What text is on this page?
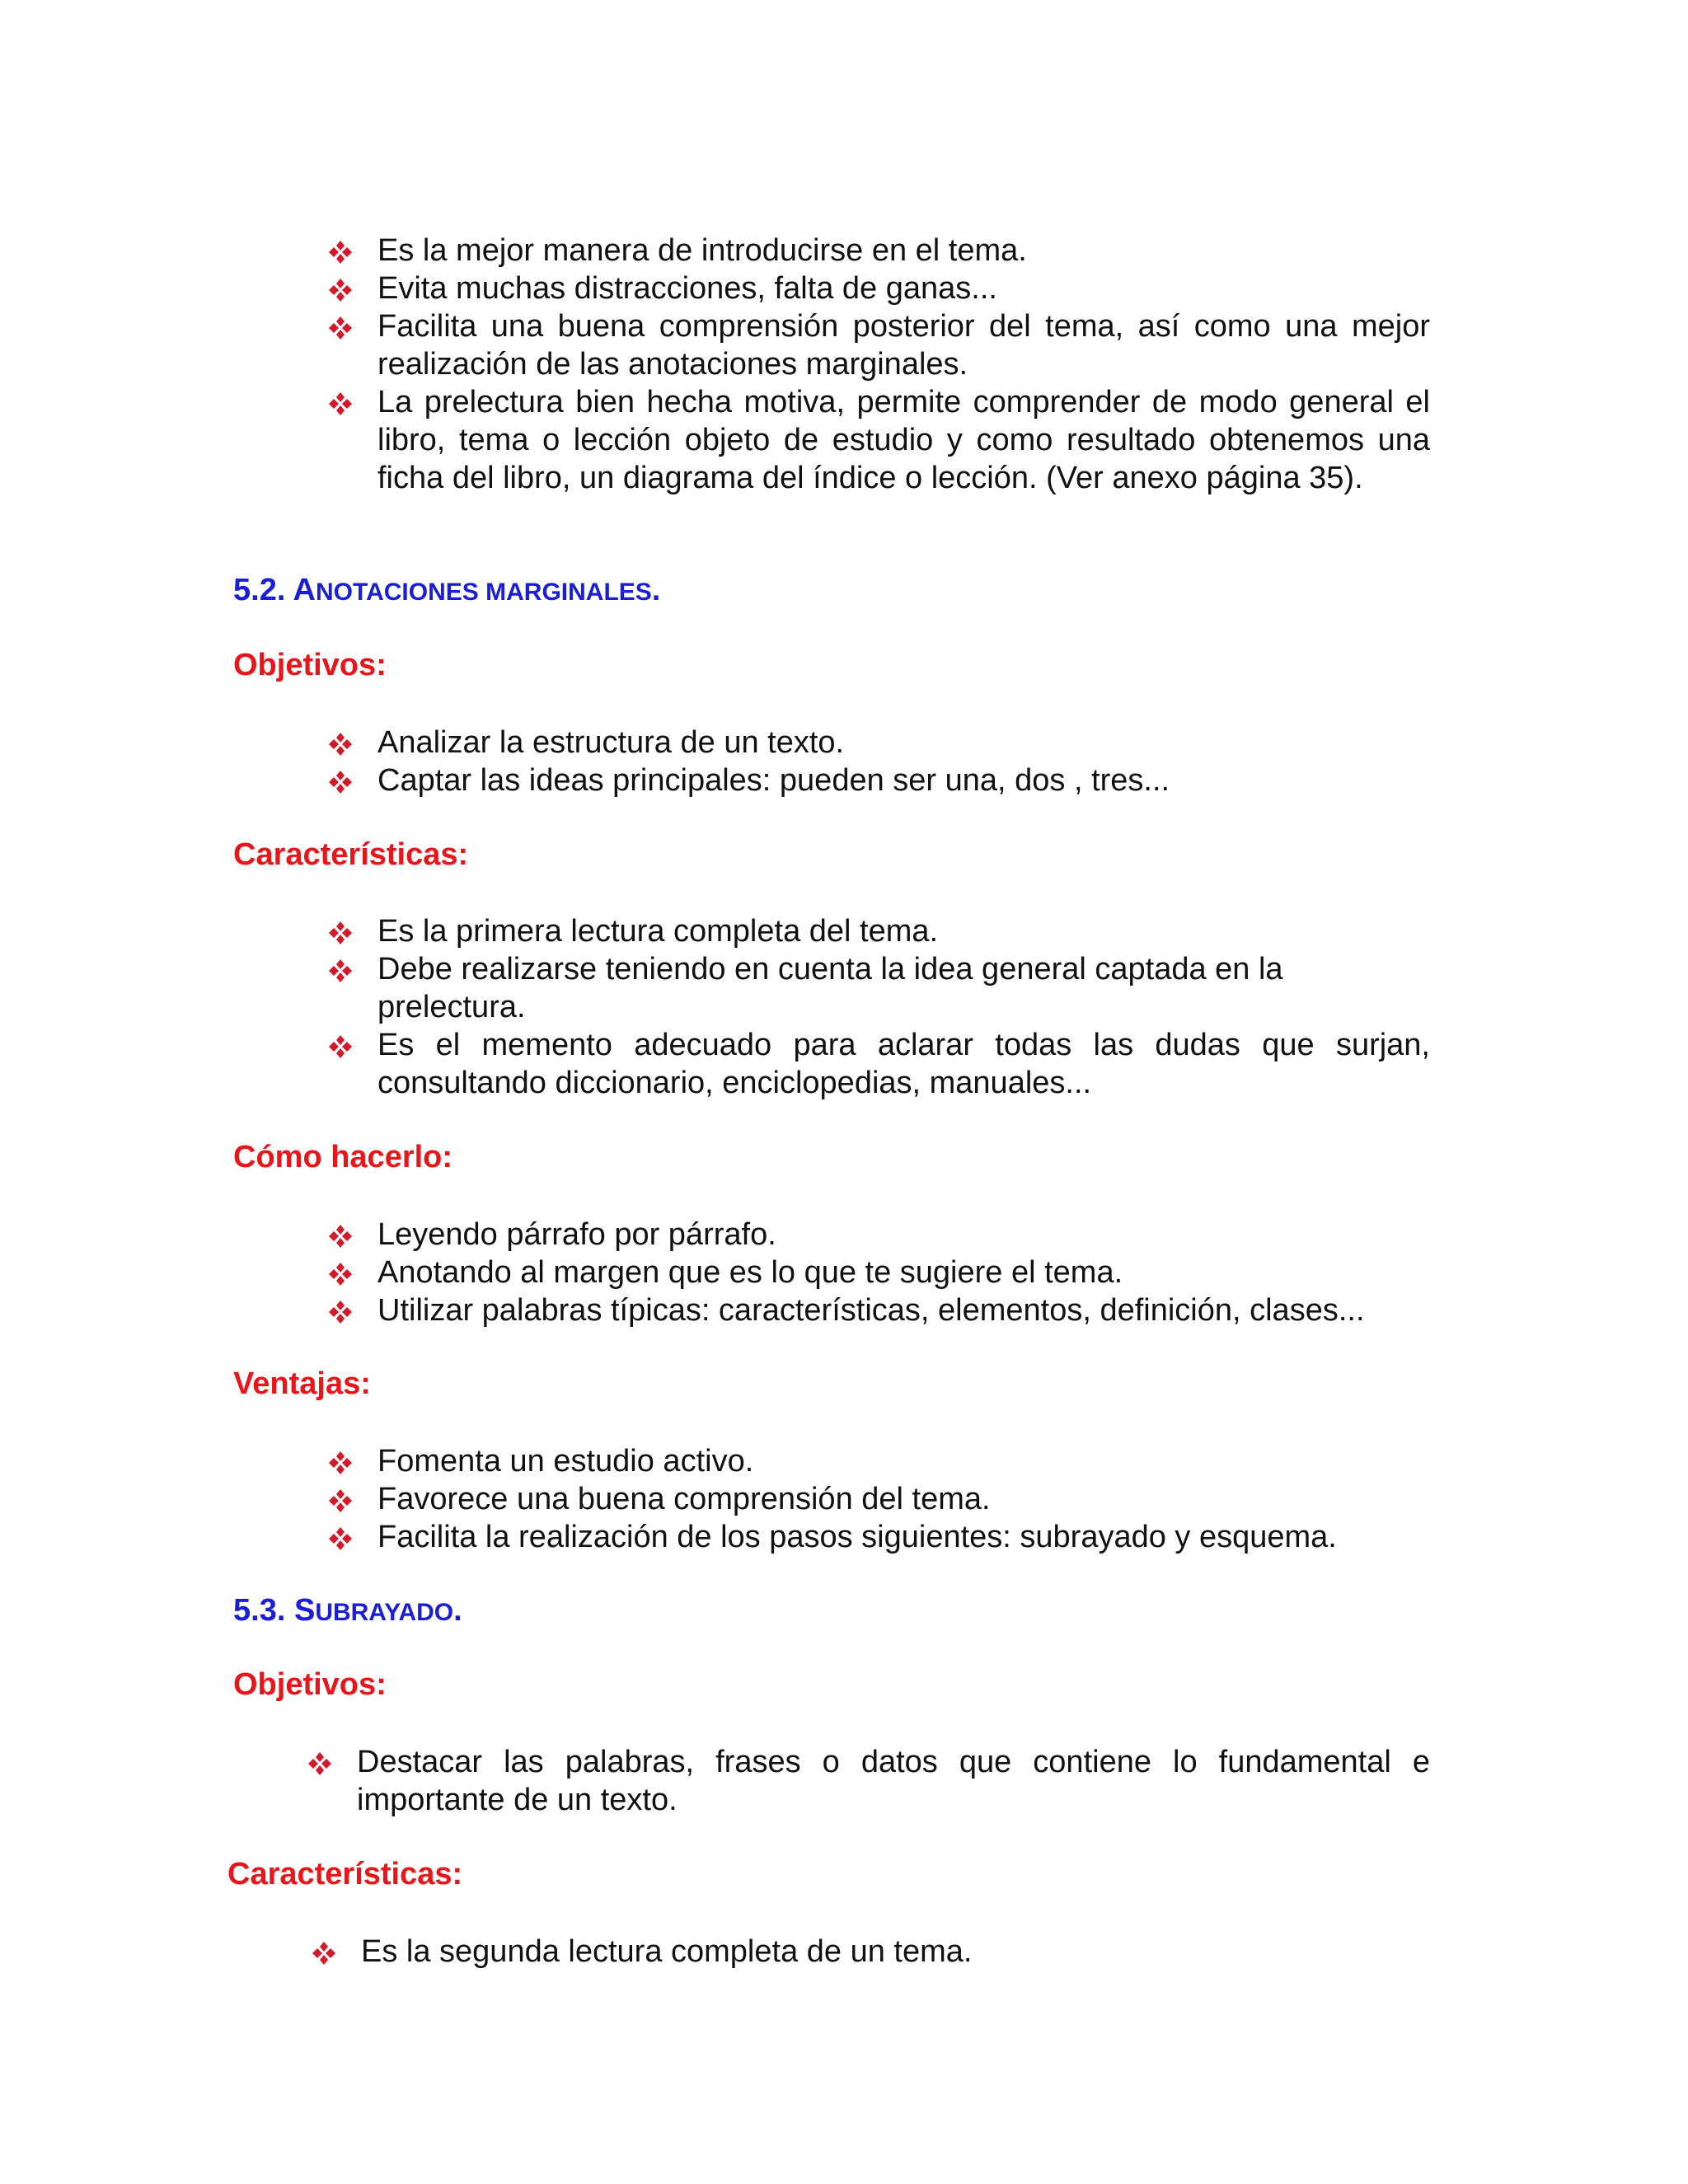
Es la mejor manera de introducirse en el tema.
Evita muchas distracciones, falta de ganas...
Facilita una buena comprensión posterior del tema, así como una mejor realización de las anotaciones marginales.
La prelectura bien hecha motiva, permite comprender de modo general el libro, tema o lección objeto de estudio y como resultado obtenemos una ficha del libro, un diagrama del índice o lección. (Ver anexo página 35).
5.2. ANOTACIONES MARGINALES.
Objetivos:
Analizar la estructura de un texto.
Captar las ideas principales: pueden ser una, dos , tres...
Características:
Es la primera lectura completa del tema.
Debe realizarse teniendo en cuenta la idea general captada en la prelectura.
Es el memento adecuado para aclarar todas las dudas que surjan, consultando diccionario, enciclopedias, manuales...
Cómo hacerlo:
Leyendo párrafo por párrafo.
Anotando al margen que es lo que te sugiere el tema.
Utilizar palabras típicas: características, elementos, definición, clases...
Ventajas:
Fomenta un estudio activo.
Favorece una buena comprensión del tema.
Facilita la realización de los pasos siguientes: subrayado y esquema.
5.3. SUBRAYADO.
Objetivos:
Destacar las palabras, frases o datos que contiene lo fundamental e importante de un texto.
Características:
Es la segunda lectura completa de un tema.
